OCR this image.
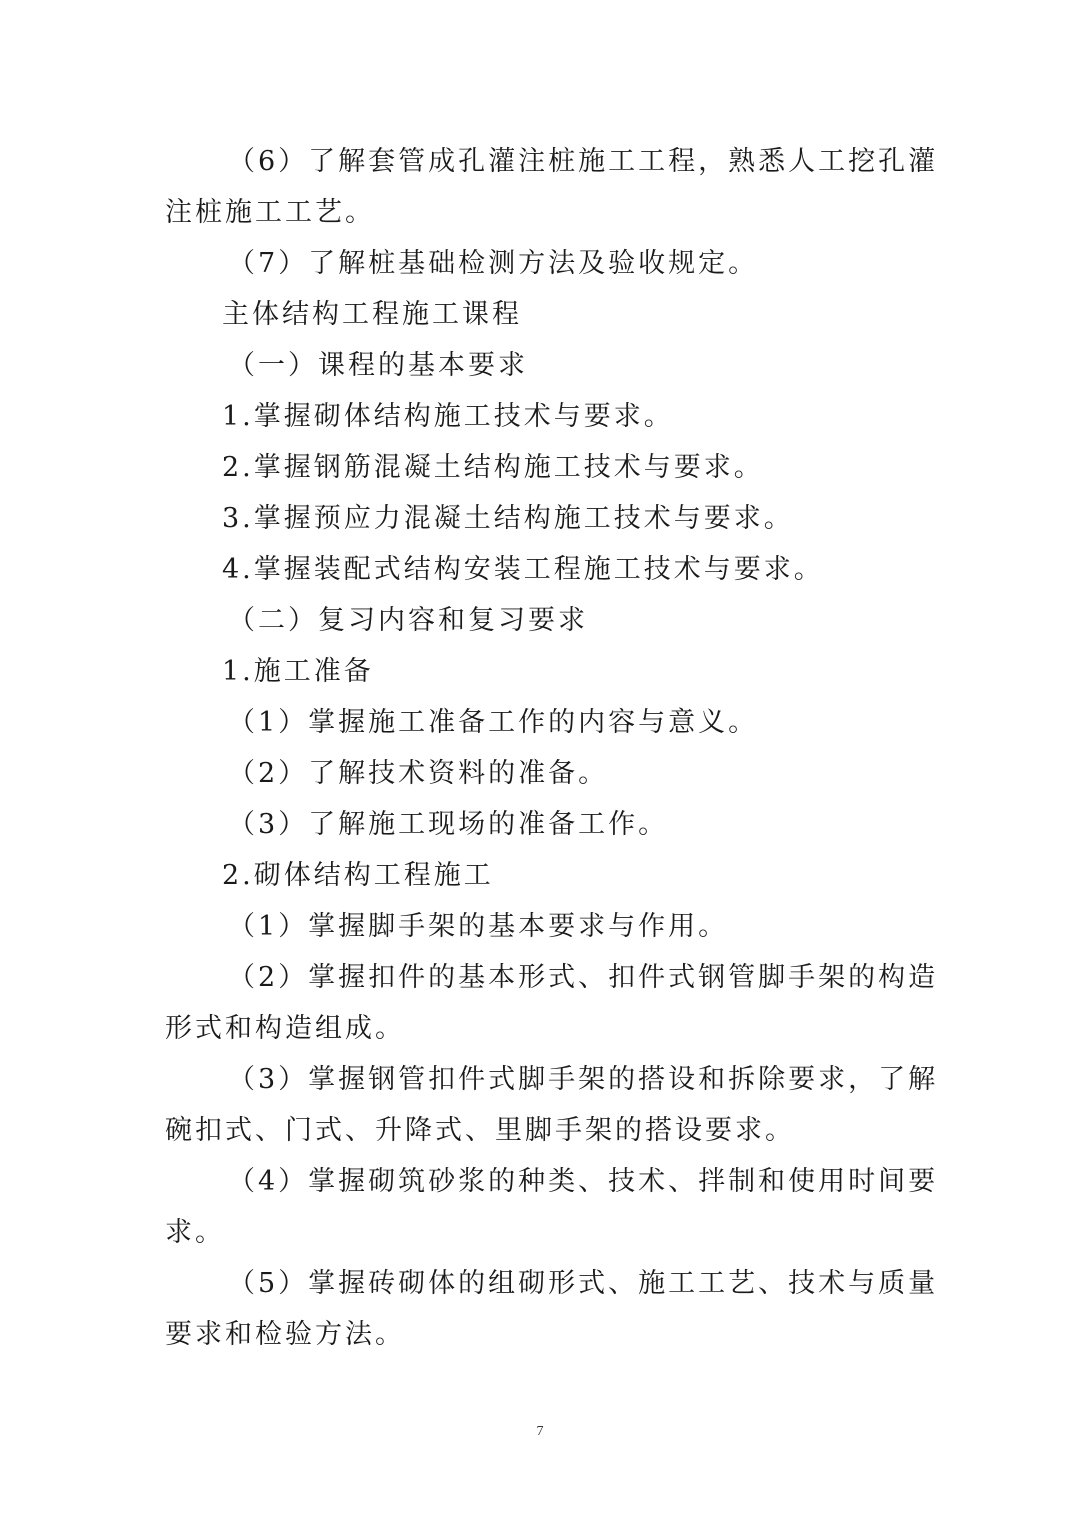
（6）了解套管成孔灌注桩施工工程，熟悉人工挖孔灌
注桩施工工艺。
（7）了解桩基础检测方法及验收规定。
主体结构工程施工课程
（一）课程的基本要求
1.掌握砌体结构施工技术与要求。
2.掌握钢筋混凝土结构施工技术与要求。
3.掌握预应力混凝土结构施工技术与要求。
4.掌握装配式结构安装工程施工技术与要求。
（二）复习内容和复习要求
1.施工准备
（1）掌握施工准备工作的内容与意义。
（2）了解技术资料的准备。
（3）了解施工现场的准备工作。
2.砌体结构工程施工
（1）掌握脚手架的基本要求与作用。
（2）掌握扣件的基本形式、扣件式钢管脚手架的构造
形式和构造组成。
（3）掌握钢管扣件式脚手架的搭设和拆除要求，了解
碗扣式、门式、升降式、里脚手架的搭设要求。
（4）掌握砌筑砂浆的种类、技术、拌制和使用时间要
求。
（5）掌握砖砌体的组砌形式、施工工艺、技术与质量
要求和检验方法。
7
